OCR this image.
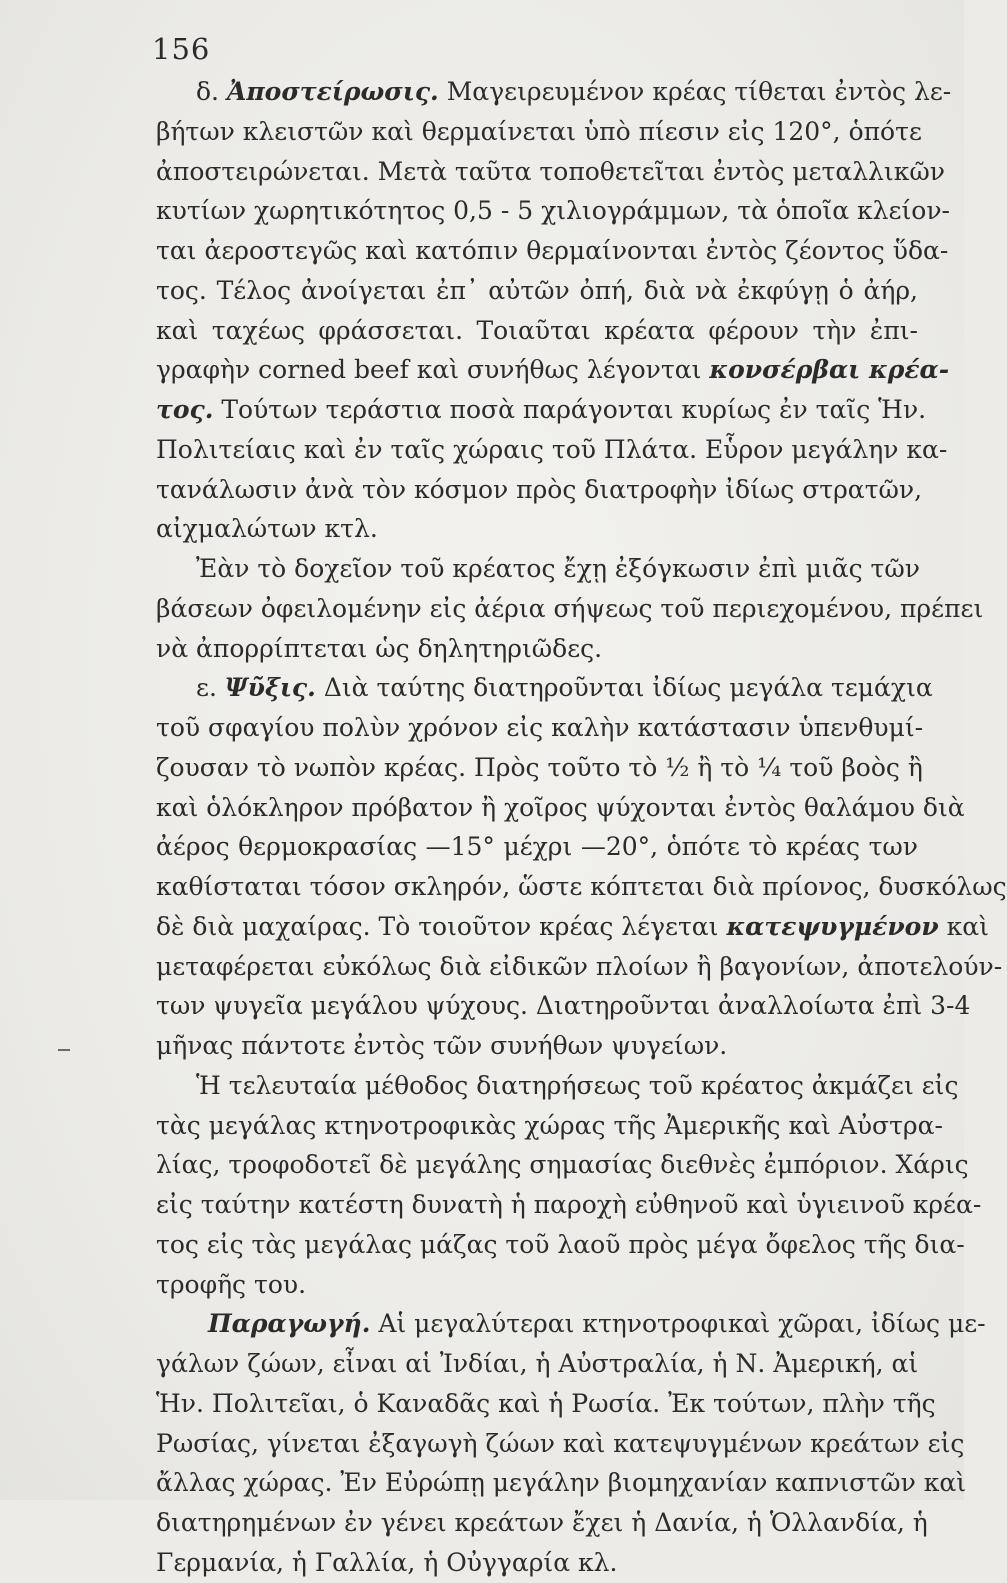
156
δ. Ἀποστείρωσις. Μαγειρευμένον κρέας τίθεται ἐντὸς λε-
βήτων κλειστῶν καὶ θερμαίνεται ὑπὸ πίεσιν εἰς 120°, ὁπότε
ἀποστειρώνεται. Μετὰ ταῦτα τοποθετεῖται ἐντὸς μεταλλικῶν
κυτίων χωρητικότητος 0,5 - 5 χιλιογράμμων, τὰ ὁποῖα κλείον-
ται ἀεροστεγῶς καὶ κατόπιν θερμαίνονται ἐντὸς ζέοντος ὕδα-
τος. Τέλος ἀνοίγεται ἐπ᾽ αὐτῶν ὀπή, διὰ νὰ ἐκφύγῃ ὁ ἀήρ,
καὶ ταχέως φράσσεται. Τοιαῦται κρέατα φέρουν τὴν ἐπι-
γραφὴν corned beef καὶ συνήθως λέγονται κονσέρβαι κρέα-
τος. Τούτων τεράστια ποσὰ παράγονται κυρίως ἐν ταῖς Ἡν.
Πολιτείαις καὶ ἐν ταῖς χώραις τοῦ Πλάτα. Εὗρον μεγάλην κα-
τανάλωσιν ἀνὰ τὸν κόσμον πρὸς διατροφὴν ἰδίως στρατῶν,
αἰχμαλώτων κτλ.
Ἐὰν τὸ δοχεῖον τοῦ κρέατος ἔχῃ ἐξόγκωσιν ἐπὶ μιᾶς τῶν
βάσεων ὀφειλομένην εἰς ἀέρια σήψεως τοῦ περιεχομένου, πρέπει
νὰ ἀπορρίπτεται ὡς δηλητηριῶδες.
ε. Ψῦξις. Διὰ ταύτης διατηροῦνται ἰδίως μεγάλα τεμάχια
τοῦ σφαγίου πολὺν χρόνον εἰς καλὴν κατάστασιν ὑπενθυμί-
ζουσαν τὸ νωπὸν κρέας. Πρὸς τοῦτο τὸ ½ ἢ τὸ ¼ τοῦ βοὸς ἢ
καὶ ὁλόκληρον πρόβατον ἢ χοῖρος ψύχονται ἐντὸς θαλάμου διὰ
ἀέρος θερμοκρασίας —15° μέχρι —20°, ὁπότε τὸ κρέας των
καθίσταται τόσον σκληρόν, ὥστε κόπτεται διὰ πρίονος, δυσκόλως
δὲ διὰ μαχαίρας. Τὸ τοιοῦτον κρέας λέγεται κατεψυγμένον καὶ
μεταφέρεται εὐκόλως διὰ εἰδικῶν πλοίων ἢ βαγονίων, ἀποτελούν-
των ψυγεῖα μεγάλου ψύχους. Διατηροῦνται ἀναλλοίωτα ἐπὶ 3-4
μῆνας πάντοτε ἐντὸς τῶν συνήθων ψυγείων.
Ἡ τελευταία μέθοδος διατηρήσεως τοῦ κρέατος ἀκμάζει εἰς
τὰς μεγάλας κτηνοτροφικὰς χώρας τῆς Ἀμερικῆς καὶ Αὐστρα-
λίας, τροφοδοτεῖ δὲ μεγάλης σημασίας διεθνὲς ἐμπόριον. Χάρις
εἰς ταύτην κατέστη δυνατὴ ἡ παροχὴ εὐθηνοῦ καὶ ὑγιεινοῦ κρέα-
τος εἰς τὰς μεγάλας μάζας τοῦ λαοῦ πρὸς μέγα ὄφελος τῆς δια-
τροφῆς του.
Παραγωγή. Αἱ μεγαλύτεραι κτηνοτροφικαὶ χῶραι, ἰδίως με-
γάλων ζώων, εἶναι αἱ Ἰνδίαι, ἡ Αὐστραλία, ἡ Ν. Ἀμερική, αἱ
Ἡν. Πολιτεῖαι, ὁ Καναδᾶς καὶ ἡ Ρωσία. Ἐκ τούτων, πλὴν τῆς
Ρωσίας, γίνεται ἐξαγωγὴ ζώων καὶ κατεψυγμένων κρεάτων εἰς
ἄλλας χώρας. Ἐν Εὐρώπῃ μεγάλην βιομηχανίαν καπνιστῶν καὶ
διατηρημένων ἐν γένει κρεάτων ἔχει ἡ Δανία, ἡ Ὁλλανδία, ἡ
Γερμανία, ἡ Γαλλία, ἡ Οὐγγαρία κλ.
